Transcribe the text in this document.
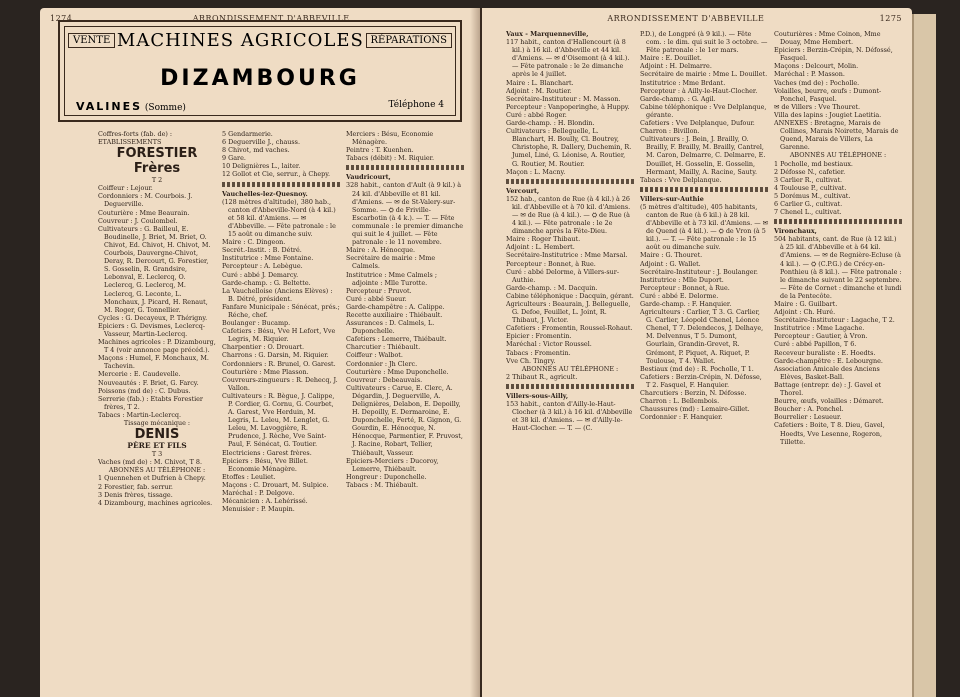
1274	ARRONDISSEMENT D'ABBEVILLE
VENTE MACHINES AGRICOLES RÉPARATIONS
DIZAMBOURG
VALINES (Somme)	Téléphone 4

Coffres-forts (fab. de) :

ETABLISSEMENTS

FORESTIER Frères

T 2

Coiffeur : Lejour.

Cordonniers : M. Courbois. J. Deguerville.

Couturière : Mme Beaurain.

Couvreur : J. Coulombel.

Cultivateurs : G. Bailleul, E. Boudinelle, J. Briet, M. Briet, O. Chivot, Ed. Chivot, H. Chivot, M. Courbois, Dauvergne-Chivot, Deray, R. Dercourt, G. Forestier, S. Gosselin, R. Grandsire, Lebonval, E. Leclercq, O. Leclercq, G. Leclercq, M. Leclercq, G. Leconte, L. Monchaux, J. Picard, H. Renaut, M. Roger, G. Tonnellier.

Cycles : G. Decayeux, P. Thérigny.

Epiciers : G. Devismes, Leclercq-Vasseur, Martin-Leclercq.

Machines agricoles : P. Dizambourg, T 4 (voir annonce page précéd.).

Maçons : Humel, F. Monchaux, M. Tachevin.

Mercerie : E. Caudevelle.

Nouveautés : F. Briet, G. Farcy.

Poissons (md de) : C. Dubus.

Serrerie (fab.) : Etabts Forestier frères, T 2.

Tabacs : Martin-Leclercq.

Tissage mécanique :

DENIS

PÈRE ET FILS

T 3

Vaches (md de) : M. Chivot, T 8.

ABONNÉS AU TÉLÉPHONE :

1 Quennehen et Dufrien à Chepy.

2 Forestier, fab. serrur.

3 Denis frères, tissage.

4 Dizambourg, machines agricoles.

5 Gendarmerie.

6 Deguerville J., chauss.

8 Chivot, md vaches.

9 Gare.

10 Delignières L., laiter.

12 Gollot et Cie, serrur., à Chepy.

Vauchelles-lez-Quesnoy.

(128 mètres d'altitude), 380 hab., canton d'Abbeville-Nord (à 4 kil.) et 58 kil. d'Amiens. — ✉ d'Abbeville. — Fête patronale : le 15 août ou dimanche suiv.

Maire : C. Dingeon.

Secrét.-Instit. : B. Détré.

Institutrice : Mme Fontaine.

Percepteur : A. Lebègue.

Curé : abbé J. Demarcy.

Garde-champ. : G. Beltette.

La Vauchelloise (Anciens Elèves) : B. Détré, président.

Fanfare Municipale : Sénécat, prés.; Réche, chef.

Boulanger : Bucamp.

Cafetiers : Bésu, Vve H Lefort, Vve Legris, M. Riquier.

Charpentier : O. Drouart.

Charrons : G. Darsin, M. Riquier.

Cordonniers : R. Brunel, O. Garest.

Couturière : Mme Plasson.

Couvreurs-zingueurs : R. Dehecq, J. Vallon.

Cultivateurs : R. Bègue, J. Calippe, P. Cordier, G. Cornu, G. Courbet, A. Garest, Vve Herduin, M. Legris, L. Leleu, M. Lenglet, G. Leleu, M. Lavoggière, R. Prudence, J. Rèche, Vve Saint-Paul, F. Sénécat, G. Toutier.

Electriciens : Garest frères.

Epiciers : Bésu, Vve Billet. Economie Ménagère.

Etoffes : Leuliet.

Maçons : C. Drouart, M. Sulpice.

Maréchal : P. Delgove.

Mécanicien : A. Lehérissé.

Menuisier : P. Maupin.

Merciers : Bésu, Economie Ménagère.

Peintre : T. Kuenhen.

Tabacs (débit) : M. Riquier.

Vaudricourt,

328 habit., canton d'Ault (à 9 kil.) à 24 kil. d'Abbeville et 81 kil. d'Amiens. — ✉ de St-Valery-sur-Somme. — ⛭ de Friville-Escarbotin (à 4 k.). — T. — Fête communale : le premier dimanche qui suit le 4 juillet. — Fête patronale : le 11 novembre.

Maire : A. Hénocque.

Secrétaire de mairie : Mme Calmels.

Institutrice : Mme Calmels ; adjointe : Mlle Turotte.

Percepteur : Pruvot.

Curé : abbé Sueur.

Garde-champêtre : A. Calippe.

Recette auxiliaire : Thiébault.

Assurances : D. Calmels, L. Duponchelle.

Cafetiers : Lemerre, Thiébault.

Charcutier : Thiébault.

Coiffeur : Walbot.

Cordonnier : Jh Clerc.

Couturière : Mme Duponchelle.

Couvreur : Debeauvais.

Cultivateurs : Carue, E. Clerc, A. Dégardin, J. Deguerville, A. Delignières, Delabon, E. Depoilly, H. Depoilly, E. Dermaroine, E. Duponchelle, Ferté, R. Gignon, G. Gourdin, E. Hénocque, N. Hénocque, Parmentier, F. Pruvost, J. Racine, Robart, Tellier, Thiébault, Vasseur.

Epiciers-Merciers : Ducoroy, Lemerre, Thiébault.

Hongreur : Duponchelle.

Tabacs : M. Thiébault.

ARRONDISSEMENT D'ABBEVILLE	1275

Vaux - Marquenneville,

117 habit., canton d'Hallencourt (à 8 kil.) à 16 kil. d'Abbeville et 44 kil. d'Amiens. — ✉ d'Oisemont (à 4 kil.). — Fête patronale : le 2e dimanche après le 4 juillet.

Maire : L. Blanchart.

Adjoint : M. Routier.

Secrétaire-Instituteur : M. Masson.

Percepteur : Vanpoperinghe, à Huppy.

Curé : abbé Roger.

Garde-champ. : H. Blondin.

Cultivateurs : Belleguelle, L. Blanchart, H. Boully, Cl. Boutrey, Christophe, R. Dallery, Duchemin, R. Jumel, Liné, G. Léonise, A. Routier, G. Routier, M. Routier.

Maçon : L. Macny.

Vercourt,

152 hab., canton de Rue (à 4 kil.) à 26 kil. d'Abbeville et à 70 kil. d'Amiens. — ✉ de Rue (à 4 kil.). — ⛭ de Rue (à 4 kil.). — Fête patronale : le 2e dimanche après la Fête-Dieu.

Maire : Roger Thibaut.

Adjoint : L. Hembert.

Secrétaire-Institutrice : Mme Marsal.

Percepteur : Bonnet, à Rue.

Curé : abbé Delorme, à Villers-sur-Authie.

Garde-champ. : M. Dacquin.

Cabine téléphonique : Dacquin, gérant.

Agriculteurs : Beaurain, J. Belleguelle, G. Defoe, Feuillet, L. Joint, R. Thibaut, J. Victor.

Cafetiers : Fromentin, Roussel-Rohaut.

Epicier : Fromentin.

Maréchal : Victor Roussel.

Tabacs : Fromentin.

Vve Ch. Tingry.

ABONNÉS AU TÉLÉPHONE :

2 Thibaut R., agricult.

Villers-sous-Ailly,

153 habit., canton d'Ailly-le-Haut-Clocher (à 3 kil.) à 16 kil. d'Abbeville et 38 kil. d'Amiens. — ✉ d'Ailly-le-Haut-Clocher. — T. — (C.

P.D.), de Longpré (à 9 kil.). — Fête com. : le dim. qui suit le 3 octobre. — Fête patronale : le 1er mars.

Maire : E. Douillet.

Adjoint : H. Delmarre.

Secrétaire de mairie : Mme L. Douillet.

Institutrice : Mme Brdant.

Percepteur : à Ailly-le-Haut-Clocher.

Garde-champ. : G. Agil.

Cabine téléphonique : Vve Delplanque, gérante.

Cafetiers : Vve Delplanque, Dufour.

Charron : Bivillon.

Cultivateurs : J. Bein, J. Brailly, O. Brailly, F. Brailly, M. Brailly, Cantrel, M. Caron, Delmarre, C. Delmarre, E. Douillet, H. Gosselin, E. Gosselin, Hermant, Mailly, A. Racine, Sauty.

Tabacs : Vve Delplanque.

Villers-sur-Authie

(5 mètres d'altitude), 405 habitants, canton de Rue (à 6 kil.) à 28 kil. d'Abbeville et à 73 kil. d'Amiens. — ✉ de Quend (à 4 kil.). — ⛭ de Vron (à 5 kil.). — T. — Fête patronale : le 15 août ou dimanche suiv.

Maire : G. Thouret.

Adjoint : G. Wallet.

Secrétaire-Instituteur : J. Boulanger.

Institutrice : Mlle Duport.

Percepteur : Bonnet, à Rue.

Curé : abbé E. Delorme.

Garde-champ. : F. Hanquier.

Agriculteurs : Carlier, T 3. G. Carlier, G. Carlier, Léopold Chenel, Léonce Chenel, T 7. Delendecos, J. Delhaye, M. Delvennus, T 5. Dumont, Gourlain, Grandin-Grevet, R. Grémont, P. Piquet, A. Riquet, P. Toulouse, T 4. Wallet.

Bestiaux (md de) : R. Pocholle, T 1.

Cafetiers : Berzin-Crépin, N. Défosse, T 2. Fasquel, F. Hanquier.

Charcutiers : Berzin, N. Défosse.

Charron : L. Bellembois.

Chaussures (md) : Lemaire-Gillet.

Cordonnier : F. Hanquier.

Couturières : Mme Coinon, Mme Douay, Mme Hembert.

Epiciers : Berzin-Crépin, N. Défossé, Fasquel.

Maçons : Delcourt, Molin.

Maréchal : P. Masson.

Vaches (md de) : Pocholle.

Volailles, beurre, œufs : Dumont-Ponchel, Fasquel.

✉ de Villers : Vve Thouret.

Villa des lapins : Jougiet Laetitia.

ANNEXES : Bretagne, Marais de Collines, Marais Noirette, Marais de Quend, Marais de Villers, La Garenne.

ABONNÉS AU TÉLÉPHONE :

1 Pocholle, md bestiaux.

2 Défosse N., cafetier.

3 Carlier R., cultivat.

4 Toulouse P., cultivat.

5 Dorémus M., cultivat.

6 Carlier G., cultivat.

7 Chenel L., cultivat.

Vironchaux,

504 habitants, cant. de Rue (à 12 kil.) à 25 kil. d'Abbeville et à 64 kil. d'Amiens. — ✉ de Regnière-Ecluse (à 4 kil.). — ⛭ (C.P.G.) de Crécy-en-Ponthieu (à 8 kil.). — Fête patronale : le dimanche suivant le 22 septembre. — Fête de Cornet : dimanche et lundi de la Pentecôte.

Maire : G. Guilbart.

Adjoint : Ch. Huré.

Secrétaire-Instituteur : Lagache, T 2.

Institutrice : Mme Lagache.

Percepteur : Gautier, à Vron.

Curé : abbé Papillon, T 6.

Receveur buraliste : E. Hoedts.

Garde-champêtre : E. Lebourgne.

Association Amicale des Anciens Elèves, Basket-Ball.

Battage (entrepr. de) : J. Gavel et Thorel.

Beurre, œufs, volailles : Démaret.

Boucher : A. Ponchel.

Bourrelier : Lesueur.

Cafetiers : Boite, T 8. Dieu, Gavel, Hoedts, Vve Lesenne, Rogeron, Tillette.
